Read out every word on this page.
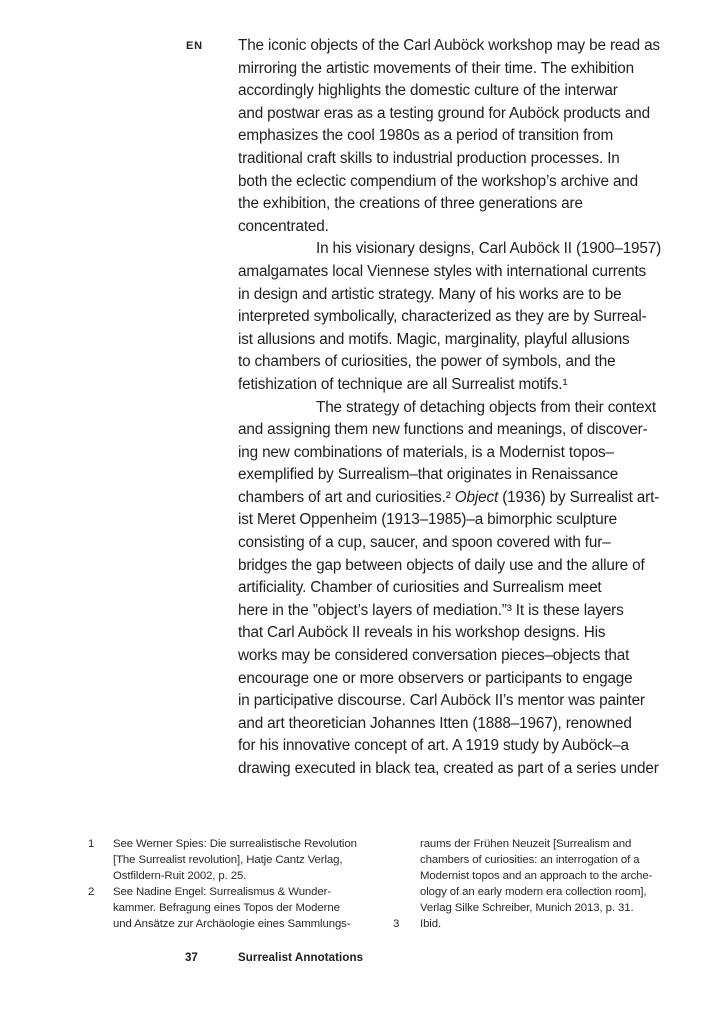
EN The iconic objects of the Carl Auböck workshop may be read as
mirroring the artistic movements of their time. The exhibition
accordingly highlights the domestic culture of the interwar
and postwar eras as a testing ground for Auböck products and
emphasizes the cool 1980s as a period of transition from
traditional craft skills to industrial production processes. In
both the eclectic compendium of the workshop’s archive and
the exhibition, the creations of three generations are
concentrated.
In his visionary designs, Carl Auböck II (1900–1957)
amalgamates local Viennese styles with international currents
in design and artistic strategy. Many of his works are to be
interpreted symbolically, characterized as they are by Surreal-
ist allusions and motifs. Magic, marginality, playful allusions
to chambers of curiosities, the power of symbols, and the
fetishization of technique are all Surrealist motifs.¹
The strategy of detaching objects from their context
and assigning them new functions and meanings, of discover-
ing new combinations of materials, is a Modernist topos–
exemplified by Surrealism–that originates in Renaissance
chambers of art and curiosities.² Object (1936) by Surrealist art-
ist Meret Oppenheim (1913–1985)–a bimorphic sculpture
consisting of a cup, saucer, and spoon covered with fur–
bridges the gap between objects of daily use and the allure of
artificiality. Chamber of curiosities and Surrealism meet
here in the ”object’s layers of mediation.”³ It is these layers
that Carl Auböck II reveals in his workshop designs. His
works may be considered conversation pieces–objects that
encourage one or more observers or participants to engage
in participative discourse. Carl Auböck II’s mentor was painter
and art theoretician Johannes Itten (1888–1967), renowned
for his innovative concept of art. A 1919 study by Auböck–a
drawing executed in black tea, created as part of a series under
1	See Werner Spies: Die surrealistische Revolution
[The Surrealist revolution], Hatje Cantz Verlag,
Ostfildern-Ruit 2002, p. 25.
2	See Nadine Engel: Surrealismus & Wunder-
kammer. Befragung eines Topos der Moderne
und Ansätze zur Archäologie eines Sammlungs-
raums der Frühen Neuzeit [Surrealism and
chambers of curiosities: an interrogation of a
Modernist topos and an approach to the arche-
ology of an early modern era collection room],
Verlag Silke Schreiber, Munich 2013, p. 31.
3	Ibid.
37	Surrealist Annotations
